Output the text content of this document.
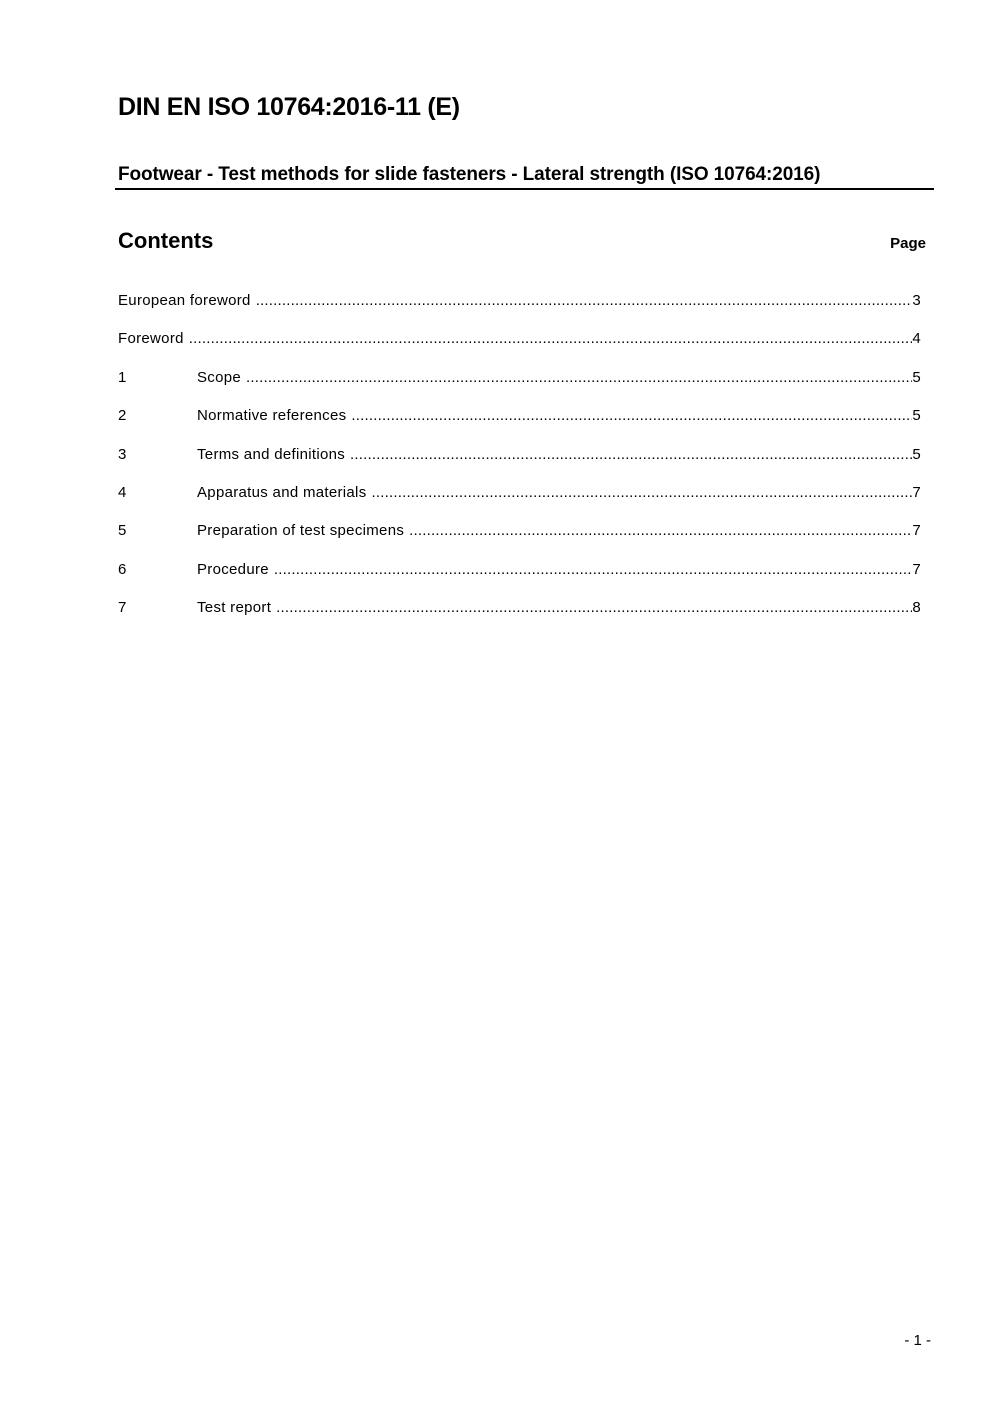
DIN EN ISO 10764:2016-11 (E)
Footwear - Test methods for slide fasteners - Lateral strength (ISO 10764:2016)
Contents	Page
European foreword .....	3
Foreword .....	4
1	Scope .....	5
2	Normative references .....	5
3	Terms and definitions .....	5
4	Apparatus and materials .....	7
5	Preparation of test specimens .....	7
6	Procedure .....	7
7	Test report .....	8
- 1 -
